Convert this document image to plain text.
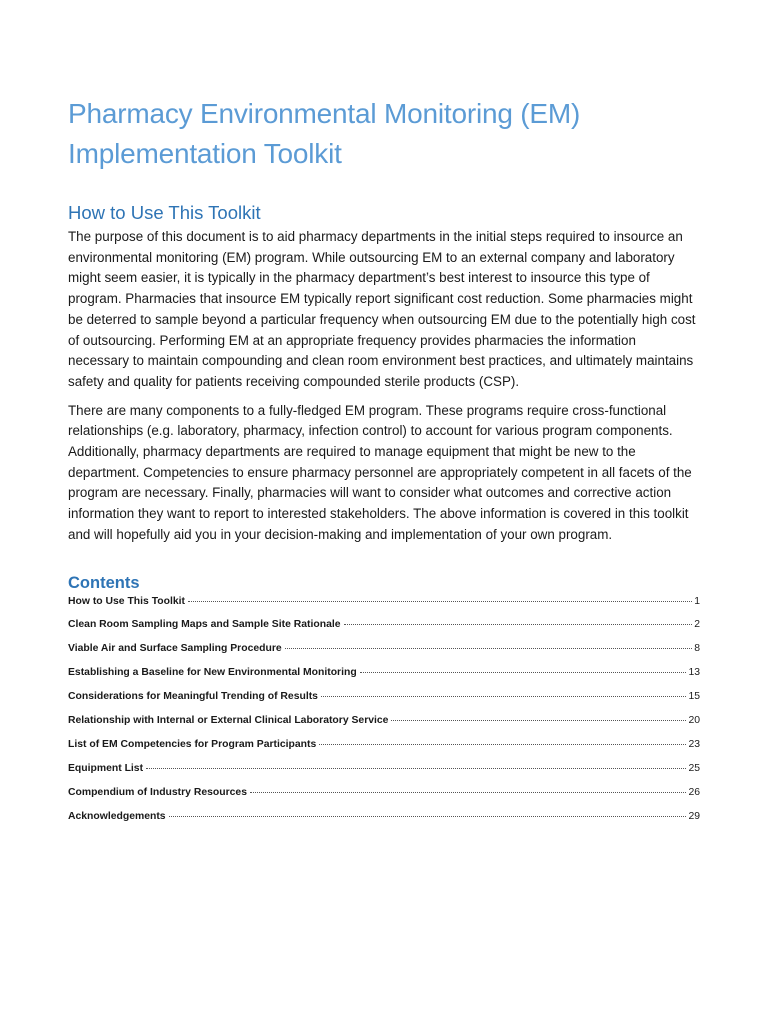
Pharmacy Environmental Monitoring (EM)
Implementation Toolkit
How to Use This Toolkit

The purpose of this document is to aid pharmacy departments in the initial steps required to insource an environmental monitoring (EM) program. While outsourcing EM to an external company and laboratory might seem easier, it is typically in the pharmacy department’s best interest to insource this type of program. Pharmacies that insource EM typically report significant cost reduction. Some pharmacies might be deterred to sample beyond a particular frequency when outsourcing EM due to the potentially high cost of outsourcing. Performing EM at an appropriate frequency provides pharmacies the information necessary to maintain compounding and clean room environment best practices, and ultimately maintains safety and quality for patients receiving compounded sterile products (CSP).

There are many components to a fully-fledged EM program. These programs require cross-functional relationships (e.g. laboratory, pharmacy, infection control) to account for various program components. Additionally, pharmacy departments are required to manage equipment that might be new to the department. Competencies to ensure pharmacy personnel are appropriately competent in all facets of the program are necessary. Finally, pharmacies will want to consider what outcomes and corrective action information they want to report to interested stakeholders. The above information is covered in this toolkit and will hopefully aid you in your decision-making and implementation of your own program.

Contents
How to Use This Toolkit	1
Clean Room Sampling Maps and Sample Site Rationale	2
Viable Air and Surface Sampling Procedure	8
Establishing a Baseline for New Environmental Monitoring	13
Considerations for Meaningful Trending of Results	15
Relationship with Internal or External Clinical Laboratory Service	20
List of EM Competencies for Program Participants	23
Equipment List	25
Compendium of Industry Resources	26
Acknowledgements	29
